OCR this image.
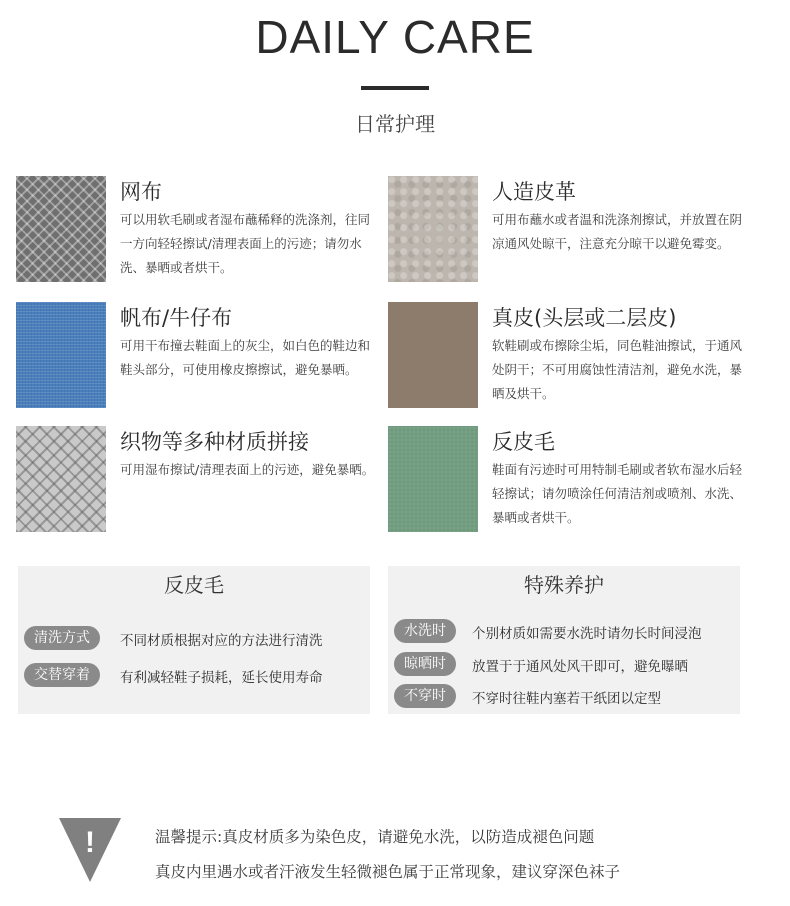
DAILY CARE
日常护理
网布
可以用软毛刷或者湿布蘸稀释的洗涤剂，往同一方向轻轻擦试/清理表面上的污迹；请勿水洗、暴晒或者烘干。
人造皮革
可用布蘸水或者温和洗涤剂擦试，并放置在阴凉通风处晾干，注意充分晾干以避免霉变。
帆布/牛仔布
可用干布撞去鞋面上的灰尘，如白色的鞋边和鞋头部分，可使用橡皮擦擦试，避免暴晒。
真皮(头层或二层皮)
软鞋刷或布擦除尘垢，同色鞋油擦试，于通风处阴干；不可用腐蚀性清洁剂，避免水洗，暴晒及烘干。
织物等多种材质拼接
可用湿布擦试/清理表面上的污迹，避免暴晒。
反皮毛
鞋面有污迹时可用特制毛刷或者软布湿水后轻轻擦试；请勿喷涂任何清洁剂或喷剂、水洗、暴晒或者烘干。
反皮毛
清洗方式	不同材质根据对应的方法进行清洗
交替穿着	有利减轻鞋子损耗，延长使用寿命
特殊养护
水洗时	个别材质如需要水洗时请勿长时间浸泡
晾晒时	放置于于通风处风干即可，避免曝晒
不穿时	不穿时往鞋内塞若干纸团以定型
!	温馨提示:真皮材质多为染色皮，请避免水洗，以防造成褪色问题
真皮内里遇水或者汗液发生轻微褪色属于正常现象，建议穿深色袜子
